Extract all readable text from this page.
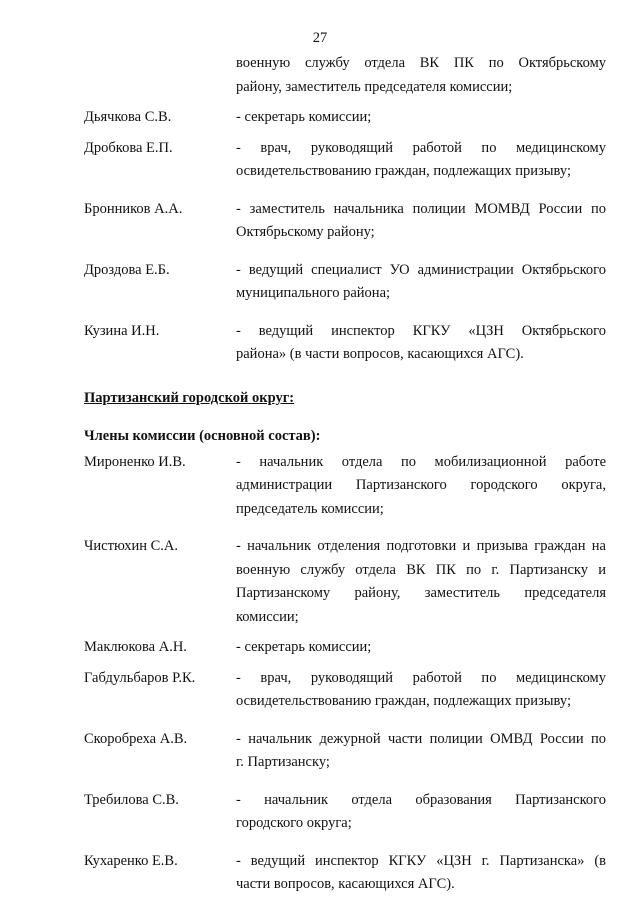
27
военную службу отдела ВК ПК по Октябрьскому
району, заместитель председателя комиссии;
Дьячкова С.В.	- секретарь комиссии;
Дробкова Е.П.	- врач, руководящий работой по медицинскому
освидетельствованию граждан, подлежащих призыву;
Бронников А.А.	- заместитель начальника полиции МОМВД России по
Октябрьскому району;
Дроздова Е.Б.	- ведущий специалист УО администрации Октябрьского
муниципального района;
Кузина И.Н.	- ведущий инспектор КГКУ «ЦЗН Октябрьского
района» (в части вопросов, касающихся АГС).
Партизанский городской округ:
Члены комиссии (основной состав):
Мироненко И.В.	- начальник отдела по мобилизационной работе
администрации Партизанского городского округа,
председатель комиссии;
Чистюхин С.А.	- начальник отделения подготовки и призыва граждан на
военную службу отдела ВК ПК по г. Партизанску и
Партизанскому району, заместитель председателя
комиссии;
Маклюкова А.Н.	- секретарь комиссии;
Габдульбаров Р.К.	- врач, руководящий работой по медицинскому
освидетельствованию граждан, подлежащих призыву;
Скоробреха А.В.	- начальник дежурной части полиции ОМВД России по
г. Партизанску;
Требилова С.В.	- начальник отдела образования Партизанского
городского округа;
Кухаренко Е.В.	- ведущий инспектор КГКУ «ЦЗН г. Партизанска» (в
части вопросов, касающихся АГС).
